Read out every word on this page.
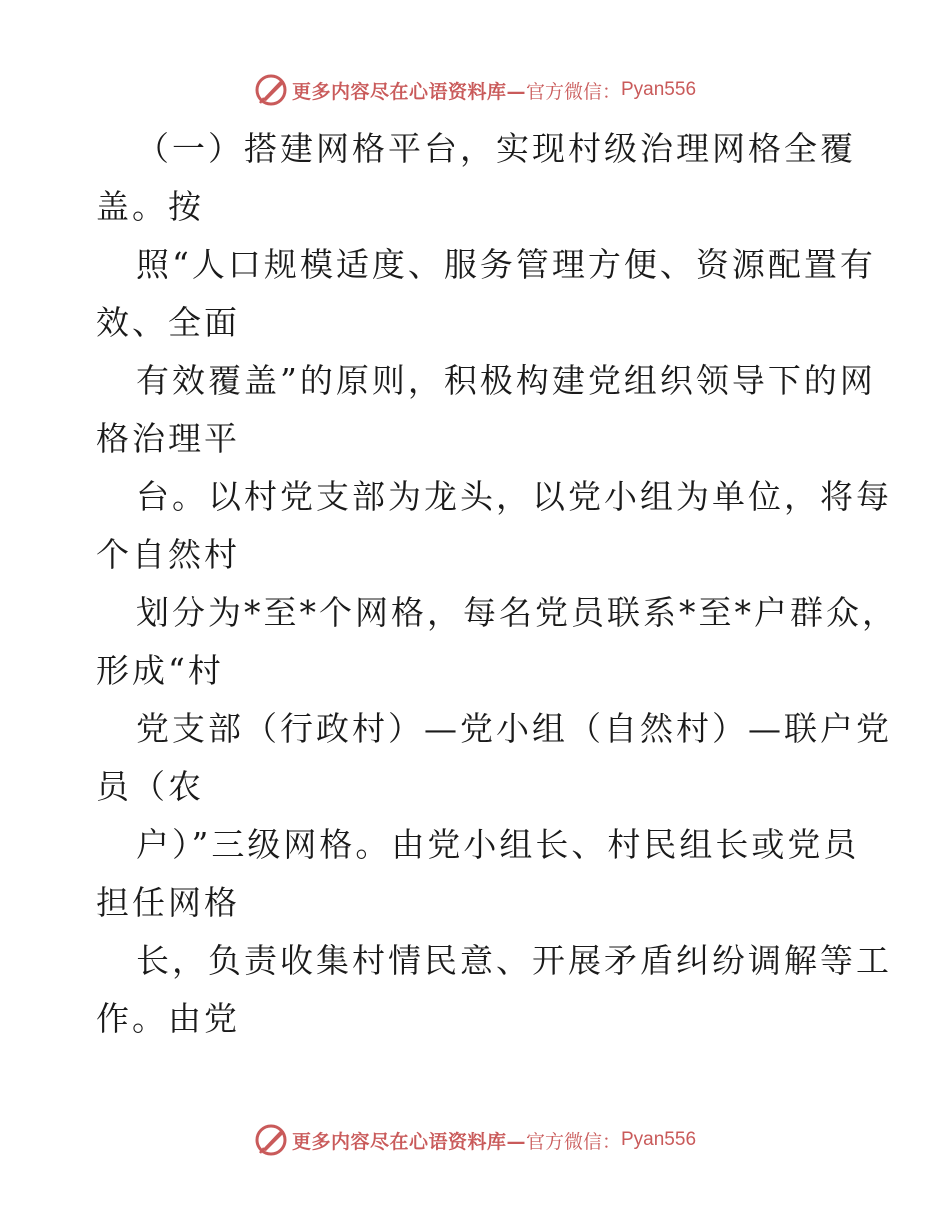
更多内容尽在心语资料库— 官方微信： Pyan556
（一）搭建网格平台，实现村级治理网格全覆
盖。按
照“人口规模适度、服务管理方便、资源配置有
效、全面
有效覆盖”的原则，积极构建党组织领导下的网
格治理平
台。以村党支部为龙头，以党小组为单位，将每
个自然村
划分为*至*个网格，每名党员联系*至*户群众，
形成“村
党支部（行政村）—党小组（自然村）—联户党
员（农
户）”三级网格。由党小组长、村民组长或党员
担任网格
长，负责收集村情民意、开展矛盾纠纷调解等工
作。由党
更多内容尽在心语资料库— 官方微信： Pyan556
